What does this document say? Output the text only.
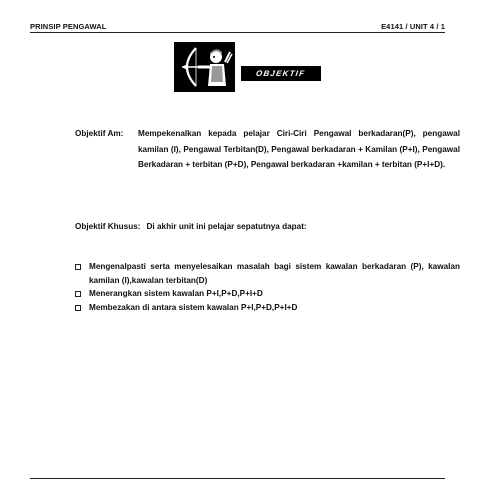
PRINSIP PENGAWAL	E4141 / UNIT 4 / 1
OBJEKTIF
Objektif Am: Mempekenalkan kepada pelajar Ciri-Ciri Pengawal berkadaran(P), pengawal kamilan (I), Pengawal Terbitan(D), Pengawal berkadaran + Kamilan (P+I), Pengawal Berkadaran + terbitan (P+D), Pengawal berkadaran +kamilan + terbitan (P+I+D).
Objektif Khusus: Di akhir unit ini pelajar sepatutnya dapat:
Mengenalpasti serta menyelesaikan masalah bagi sistem kawalan berkadaran (P), kawalan kamilan (I),kawalan terbitan(D)
Menerangkan sistem kawalan P+I,P+D,P+I+D
Membezakan di antara sistem kawalan P+I,P+D,P+I+D
